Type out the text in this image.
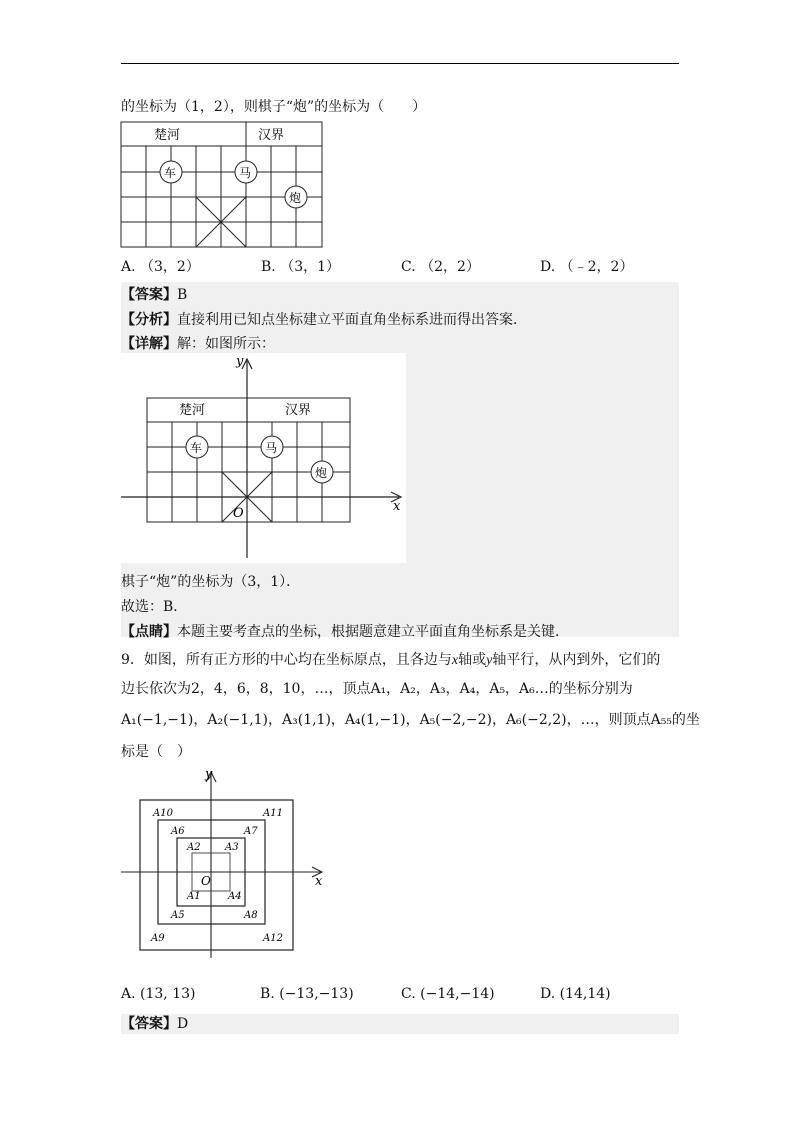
的坐标为（1，2），则棋子“炮”的坐标为（　　）
楚河	汉界
车	马
炮
A. （3，2）	B. （3，1）	C. （2，2）	D. （﹣2，2）
【答案】B
【分析】直接利用已知点坐标建立平面直角坐标系进而得出答案．
【详解】解：如图所示：
楚河	汉界
车	马
炮
y
x
O
棋子“炮”的坐标为（3，1）．
故选：B．
【点睛】本题主要考查点的坐标，根据题意建立平面直角坐标系是关键．
9．如图，所有正方形的中心均在坐标原点，且各边与x轴或y轴平行，从内到外，它们的
边长依次为2，4，6，8，10，…，顶点A₁，A₂，A₃，A₄，A₅，A₆…的坐标分别为
A₁(−1,−1)，A₂(−1,1)，A₃(1,1)，A₄(1,−1)，A₅(−2,−2)，A₆(−2,2)，…，则顶点A₅₅的坐
标是（　）
y
x
O
A10	A11
A6	A7
A2 A3
A1	A4
A5	A8
A9	A12
A. (13, 13)	B. (−13,−13)	C. (−14,−14)	D. (14,14)
【答案】D
